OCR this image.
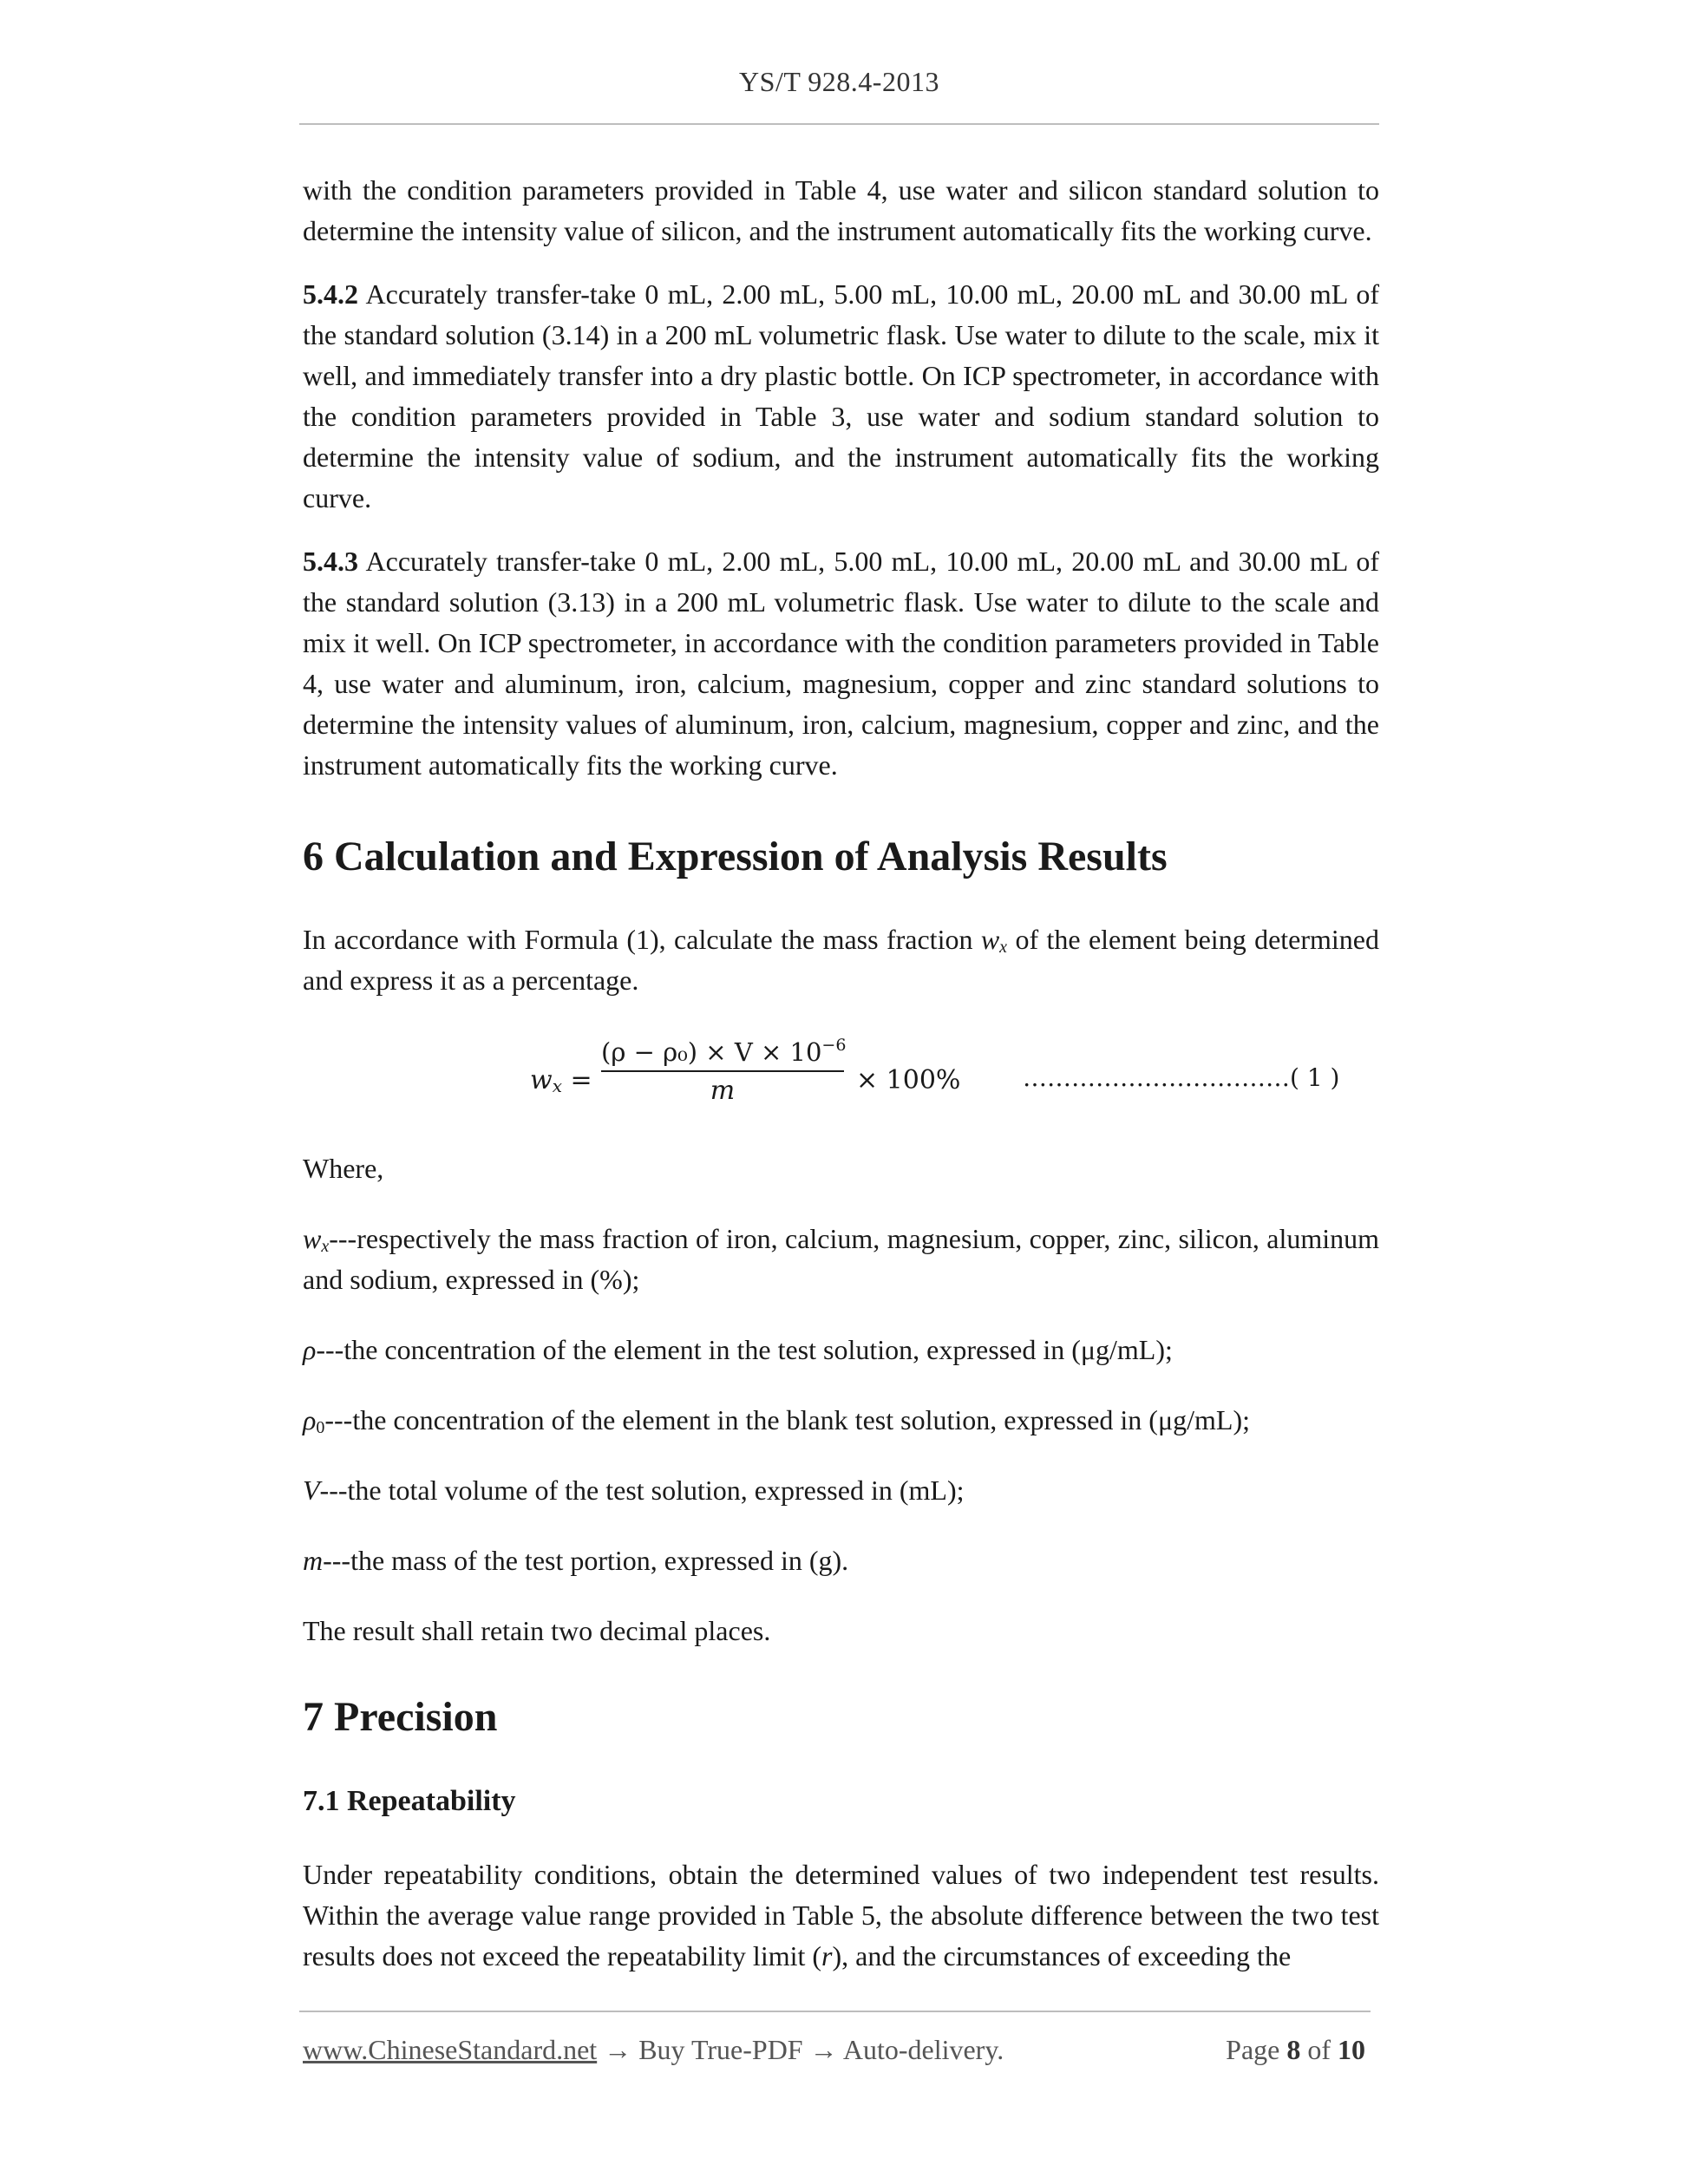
YS/T 928.4-2013

with the condition parameters provided in Table 4, use water and silicon standard solution to determine the intensity value of silicon, and the instrument automatically fits the working curve.

5.4.2 Accurately transfer-take 0 mL, 2.00 mL, 5.00 mL, 10.00 mL, 20.00 mL and 30.00 mL of the standard solution (3.14) in a 200 mL volumetric flask. Use water to dilute to the scale, mix it well, and immediately transfer into a dry plastic bottle. On ICP spectrometer, in accordance with the condition parameters provided in Table 3, use water and sodium standard solution to determine the intensity value of sodium, and the instrument automatically fits the working curve.

5.4.3 Accurately transfer-take 0 mL, 2.00 mL, 5.00 mL, 10.00 mL, 20.00 mL and 30.00 mL of the standard solution (3.13) in a 200 mL volumetric flask. Use water to dilute to the scale and mix it well. On ICP spectrometer, in accordance with the condition parameters provided in Table 4, use water and aluminum, iron, calcium, magnesium, copper and zinc standard solutions to determine the intensity values of aluminum, iron, calcium, magnesium, copper and zinc, and the instrument automatically fits the working curve.

6 Calculation and Expression of Analysis Results

In accordance with Formula (1), calculate the mass fraction $w_x$ of the element being determined and express it as a percentage.

$w_x$ =
$(\rho - \rho_0) \times V \times 10^{-6}$
m	× 100%	……………………………( 1 )

Where,

$w_x--$-respectively the mass fraction of iron, calcium, magnesium, copper, zinc, silicon, aluminum and sodium, expressed in (%);

ρ---the concentration of the element in the test solution, expressed in (μg/mL);

$\rho_0--$-the concentration of the element in the blank test solution, expressed in (μg/mL);

V---the total volume of the test solution, expressed in (mL);

m---the mass of the test portion, expressed in (g).

The result shall retain two decimal places.

7 Precision
7.1 Repeatability

Under repeatability conditions, obtain the determined values of two independent test results. Within the average value range provided in Table 5, the absolute difference between the two test results does not exceed the repeatability limit (r), and the circumstances of exceeding the

www.ChineseStandard.net → Buy True-PDF → Auto-delivery.	Page 8 of 10
